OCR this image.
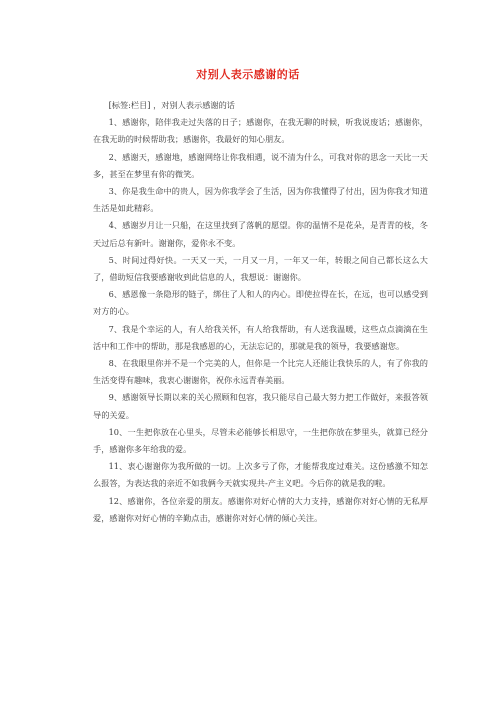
对别人表示感谢的话

[标签:栏目] ，对别人表示感谢的话

1、感谢你，陪伴我走过失落的日子；感谢你，在我无聊的时候，听我说废话；感谢你，在我无助的时候帮助我；感谢你，我最好的知心朋友。

2、感谢天，感谢地，感谢网络让你我相遇，说不清为什么，可我对你的思念一天比一天多，甚至在梦里有你的微笑。

3、你是我生命中的贵人，因为你我学会了生活，因为你我懂得了付出，因为你我才知道生活是如此精彩。

4、感谢岁月让一只船，在这里找到了落帆的愿望。你的温情不是花朵，是青青的枝，冬天过后总有新叶。谢谢你，爱你永不变。

5、时间过得好快。一天又一天，一月又一月，一年又一年，转眼之间自己都长这么大了，借助短信我要感谢收到此信息的人，我想说：谢谢你。

6、感恩像一条隐形的链子，绑住了人和人的内心。即使拉得在长，在远，也可以感受到对方的心。

7、我是个幸运的人，有人给我关怀，有人给我帮助，有人送我温暖，这些点点滴滴在生活中和工作中的帮助，那是我感恩的心，无法忘记的，那就是我的领导，我要感谢您。

8、在我眼里你并不是一个完美的人，但你是一个比完人还能让我快乐的人，有了你我的生活变得有趣味，我衷心谢谢你，祝你永远青春美丽。

9、感谢领导长期以来的关心照顾和包容，我只能尽自己最大努力把工作做好，来报答领导的关爱。

10、一生把你放在心里头，尽管未必能够长相思守，一生把你放在梦里头，就算已经分手，感谢你多年给我的爱。

11、衷心谢谢你为我所做的一切。上次多亏了你，才能帮我度过难关。这份感激不知怎么报答，为表达我的亲近不如我俩今天就实现共-产主义吧。今后你的就是我的啦。

12、感谢你，各位亲爱的朋友。感谢你对好心情的大力支持，感谢你对好心情的无私厚爱，感谢你对好心情的辛勤点击，感谢你对好心情的倾心关注。
